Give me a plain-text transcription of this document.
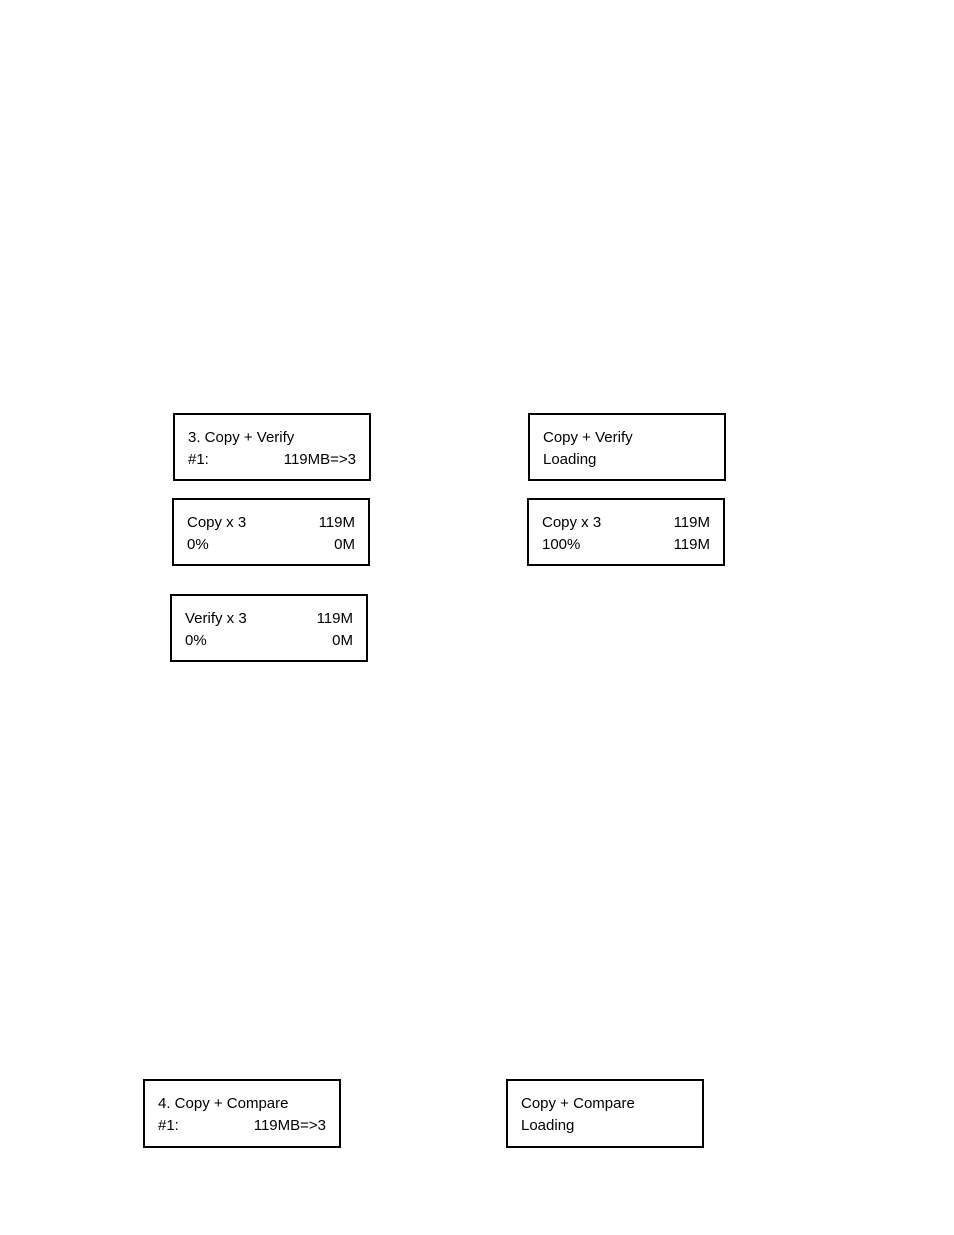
3. Copy + Verify
#1:	119MB=>3
Copy + Verify
Loading
Copy x 3	119M
0%	0M
Copy x 3	119M
100%	119M
Verify x 3	119M
0%	0M
4. Copy + Compare
#1:	119MB=>3
Copy + Compare
Loading
